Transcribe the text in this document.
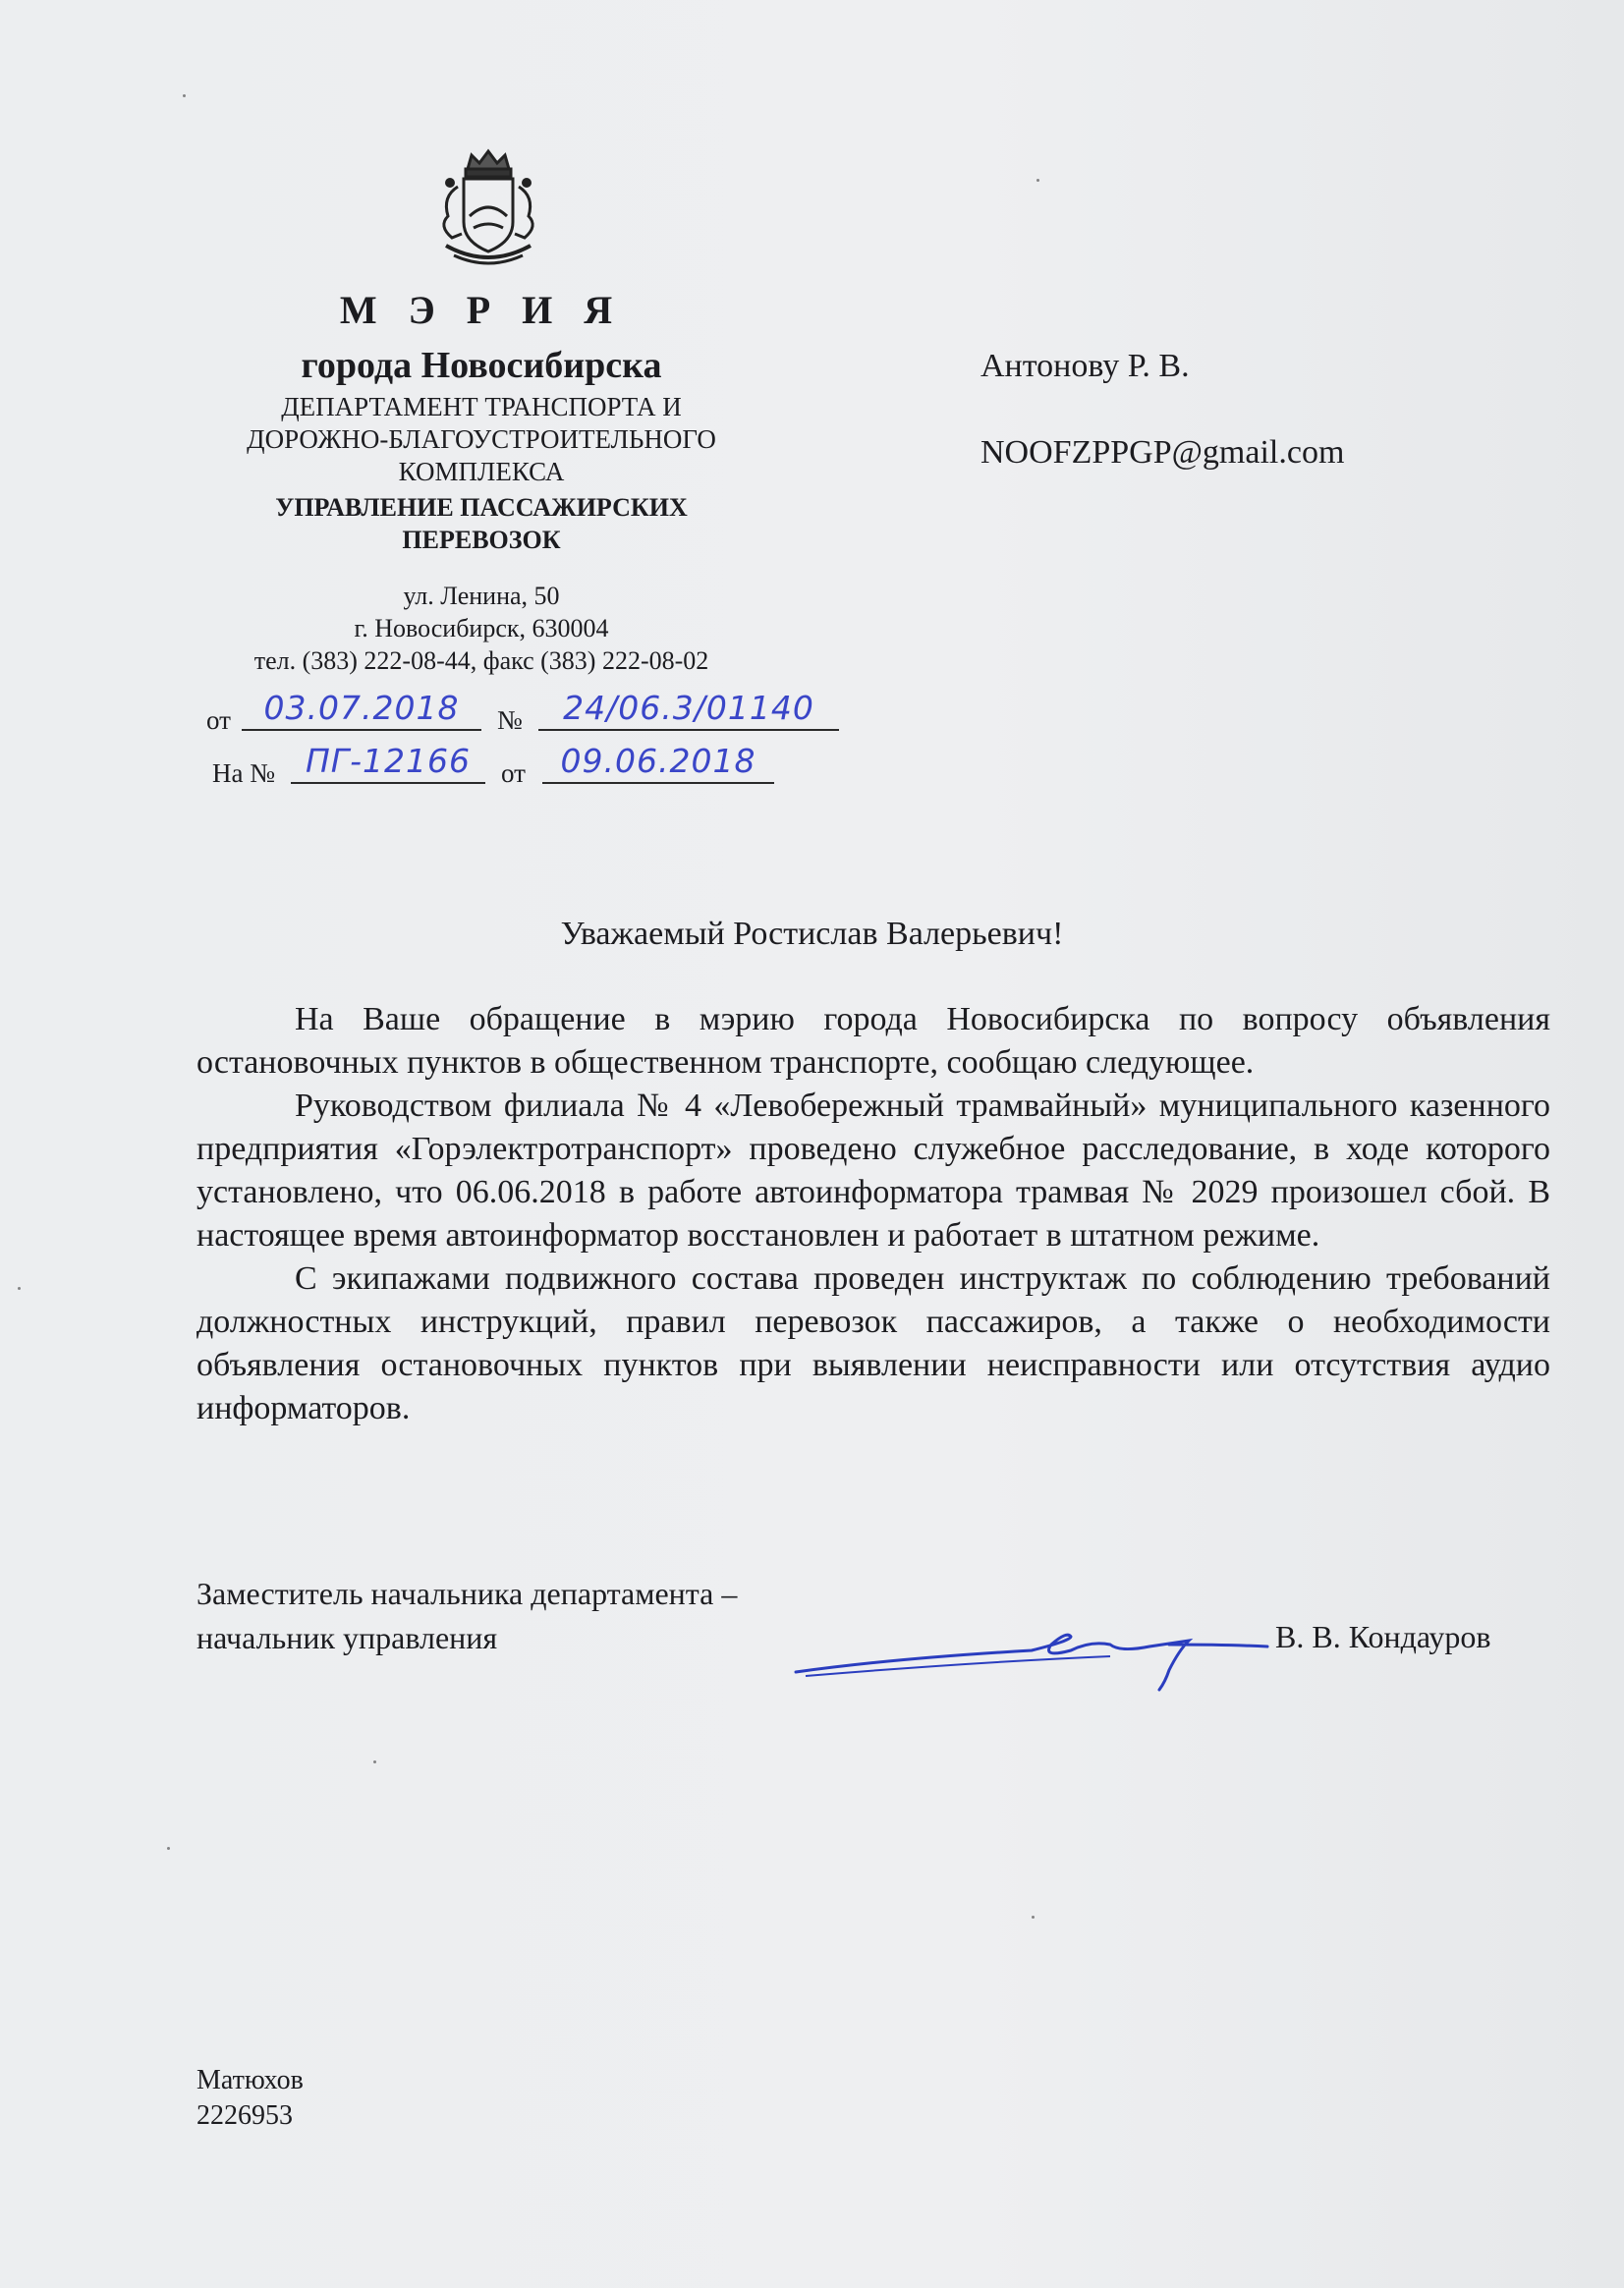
М Э Р И Я
города Новосибирска
ДЕПАРТАМЕНТ ТРАНСПОРТА И
ДОРОЖНО-БЛАГОУСТРОИТЕЛЬНОГО
КОМПЛЕКСА
УПРАВЛЕНИЕ ПАССАЖИРСКИХ
ПЕРЕВОЗОК
ул. Ленина, 50
г. Новосибирск, 630004
тел. (383) 222-08-44, факс (383) 222-08-02
от	03.07.2018	№	24/06.3/01140
На № ПГ-12166	от	09.06.2018
Антонову Р. В.
NOOFZPPGP@gmail.com
Уважаемый Ростислав Валерьевич!

На Ваше обращение в мэрию города Новосибирска по вопросу объявления остановочных пунктов в общественном транспорте, сообщаю следующее.

Руководством филиала № 4 «Левобережный трамвайный» муниципального казенного предприятия «Горэлектротранспорт» проведено служебное расследование, в ходе которого установлено, что 06.06.2018 в работе автоинформатора трамвая № 2029 произошел сбой. В настоящее время автоинформатор восстановлен и работает в штатном режиме.

С экипажами подвижного состава проведен инструктаж по соблюдению требований должностных инструкций, правил перевозок пассажиров, а также о необходимости объявления остановочных пунктов при выявлении неисправности или отсутствия аудио информаторов.

Заместитель начальника департамента –
начальник управления	В. В. Кондауров
Матюхов
2226953
